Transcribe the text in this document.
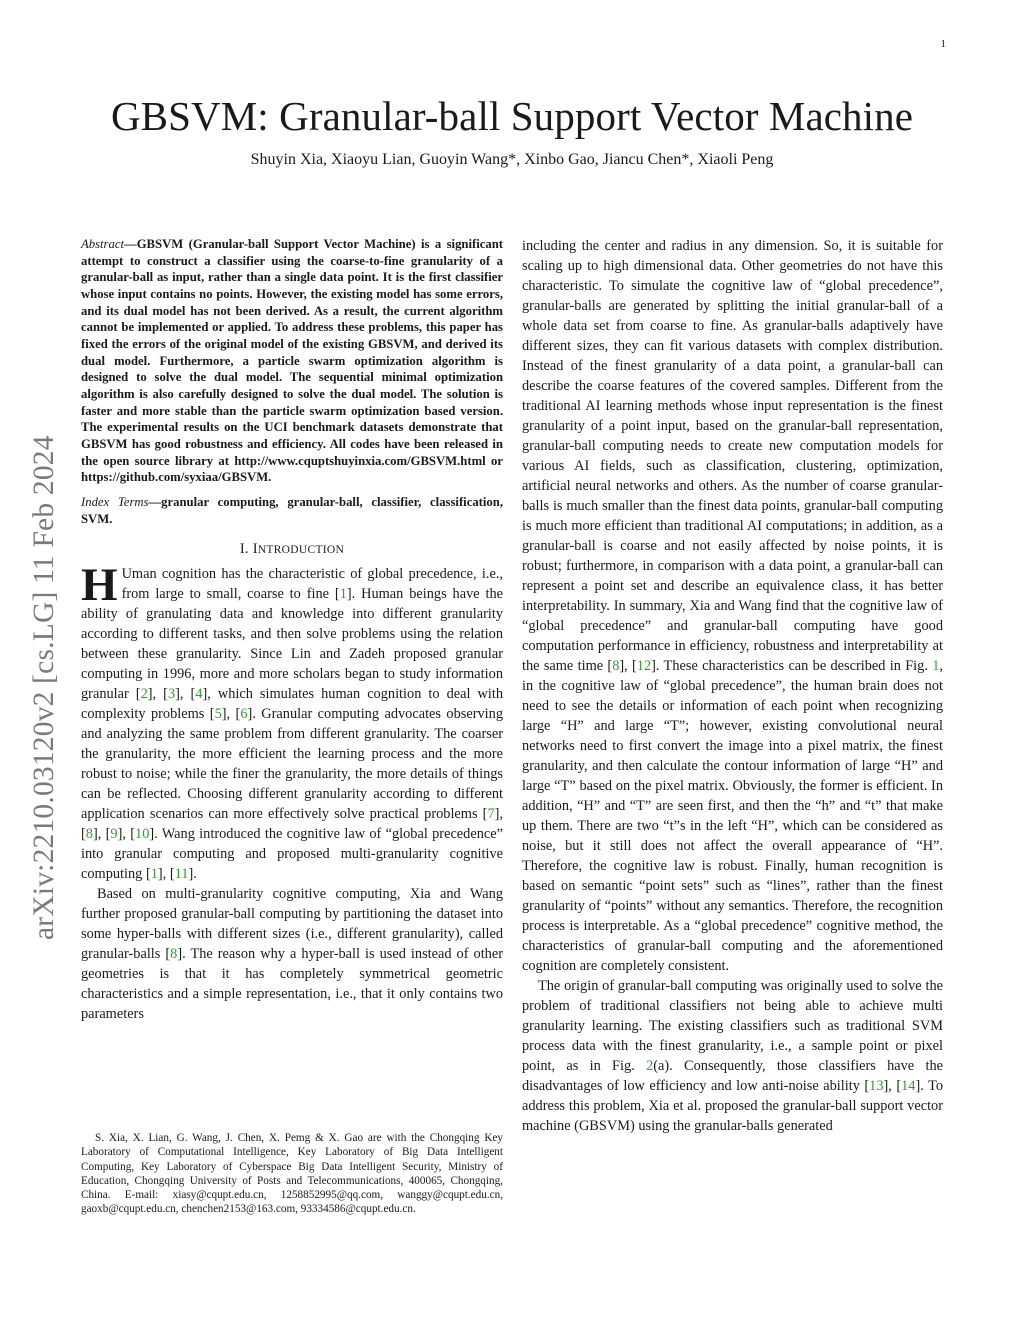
1
arXiv:2210.03120v2 [cs.LG] 11 Feb 2024
GBSVM: Granular-ball Support Vector Machine
Shuyin Xia, Xiaoyu Lian, Guoyin Wang*, Xinbo Gao, Jiancu Chen*, Xiaoli Peng

Abstract—GBSVM (Granular-ball Support Vector Machine) is a significant attempt to construct a classifier using the coarse-to-fine granularity of a granular-ball as input, rather than a single data point. It is the first classifier whose input contains no points. However, the existing model has some errors, and its dual model has not been derived. As a result, the current algorithm cannot be implemented or applied. To address these problems, this paper has fixed the errors of the original model of the existing GBSVM, and derived its dual model. Furthermore, a particle swarm optimization algorithm is designed to solve the dual model. The sequential minimal optimization algorithm is also carefully designed to solve the dual model. The solution is faster and more stable than the particle swarm optimization based version. The experimental results on the UCI benchmark datasets demonstrate that GBSVM has good robustness and efficiency. All codes have been released in the open source library at http://www.cquptshuyinxia.com/GBSVM.html or https://github.com/syxiaa/GBSVM.

Index Terms—granular computing, granular-ball, classifier, classification, SVM.

I. INTRODUCTION

H Uman cognition has the characteristic of global precedence, i.e., from large to small, coarse to fine [1]. Human beings have the ability of granulating data and knowledge into different granularity according to different tasks, and then solve problems using the relation between these granularity. Since Lin and Zadeh proposed granular computing in 1996, more and more scholars began to study information granular [2], [3], [4], which simulates human cognition to deal with complexity problems [5], [6]. Granular computing advocates observing and analyzing the same problem from different granularity. The coarser the granularity, the more efficient the learning process and the more robust to noise; while the finer the granularity, the more details of things can be reflected. Choosing different granularity according to different application scenarios can more effectively solve practical problems [7], [8], [9], [10]. Wang introduced the cognitive law of “global precedence” into granular computing and proposed multi-granularity cognitive computing [1], [11].

Based on multi-granularity cognitive computing, Xia and Wang further proposed granular-ball computing by partitioning the dataset into some hyper-balls with different sizes (i.e., different granularity), called granular-balls [8]. The reason why a hyper-ball is used instead of other geometries is that it has completely symmetrical geometric characteristics and a simple representation, i.e., that it only contains two parameters

including the center and radius in any dimension. So, it is suitable for scaling up to high dimensional data. Other geometries do not have this characteristic. To simulate the cognitive law of “global precedence”, granular-balls are generated by splitting the initial granular-ball of a whole data set from coarse to fine. As granular-balls adaptively have different sizes, they can fit various datasets with complex distribution. Instead of the finest granularity of a data point, a granular-ball can describe the coarse features of the covered samples. Different from the traditional AI learning methods whose input representation is the finest granularity of a point input, based on the granular-ball representation, granular-ball computing needs to create new computation models for various AI fields, such as classification, clustering, optimization, artificial neural networks and others. As the number of coarse granular-balls is much smaller than the finest data points, granular-ball computing is much more efficient than traditional AI computations; in addition, as a granular-ball is coarse and not easily affected by noise points, it is robust; furthermore, in comparison with a data point, a granular-ball can represent a point set and describe an equivalence class, it has better interpretability. In summary, Xia and Wang find that the cognitive law of “global precedence” and granular-ball computing have good computation performance in efficiency, robustness and interpretability at the same time [8], [12]. These characteristics can be described in Fig. 1, in the cognitive law of “global precedence”, the human brain does not need to see the details or information of each point when recognizing large “H” and large “T”; however, existing convolutional neural networks need to first convert the image into a pixel matrix, the finest granularity, and then calculate the contour information of large “H” and large “T” based on the pixel matrix. Obviously, the former is efficient. In addition, “H” and “T” are seen first, and then the “h” and “t” that make up them. There are two “t”s in the left “H”, which can be considered as noise, but it still does not affect the overall appearance of “H”. Therefore, the cognitive law is robust. Finally, human recognition is based on semantic “point sets” such as “lines”, rather than the finest granularity of “points” without any semantics. Therefore, the recognition process is interpretable. As a “global precedence” cognitive method, the characteristics of granular-ball computing and the aforementioned cognition are completely consistent.

The origin of granular-ball computing was originally used to solve the problem of traditional classifiers not being able to achieve multi granularity learning. The existing classifiers such as traditional SVM process data with the finest granularity, i.e., a sample point or pixel point, as in Fig. 2(a). Consequently, those classifiers have the disadvantages of low efficiency and low anti-noise ability [13], [14]. To address this problem, Xia et al. proposed the granular-ball support vector machine (GBSVM) using the granular-balls generated

S. Xia, X. Lian, G. Wang, J. Chen, X. Pemg & X. Gao are with the Chongqing Key Laboratory of Computational Intelligence, Key Laboratory of Big Data Intelligent Computing, Key Laboratory of Cyberspace Big Data Intelligent Security, Ministry of Education, Chongqing University of Posts and Telecommunications, 400065, Chongqing, China. E-mail: xiasy@cqupt.edu.cn, 1258852995@qq.com, wanggy@cqupt.edu.cn, gaoxb@cqupt.edu.cn, chenchen2153@163.com, 93334586@cqupt.edu.cn.
